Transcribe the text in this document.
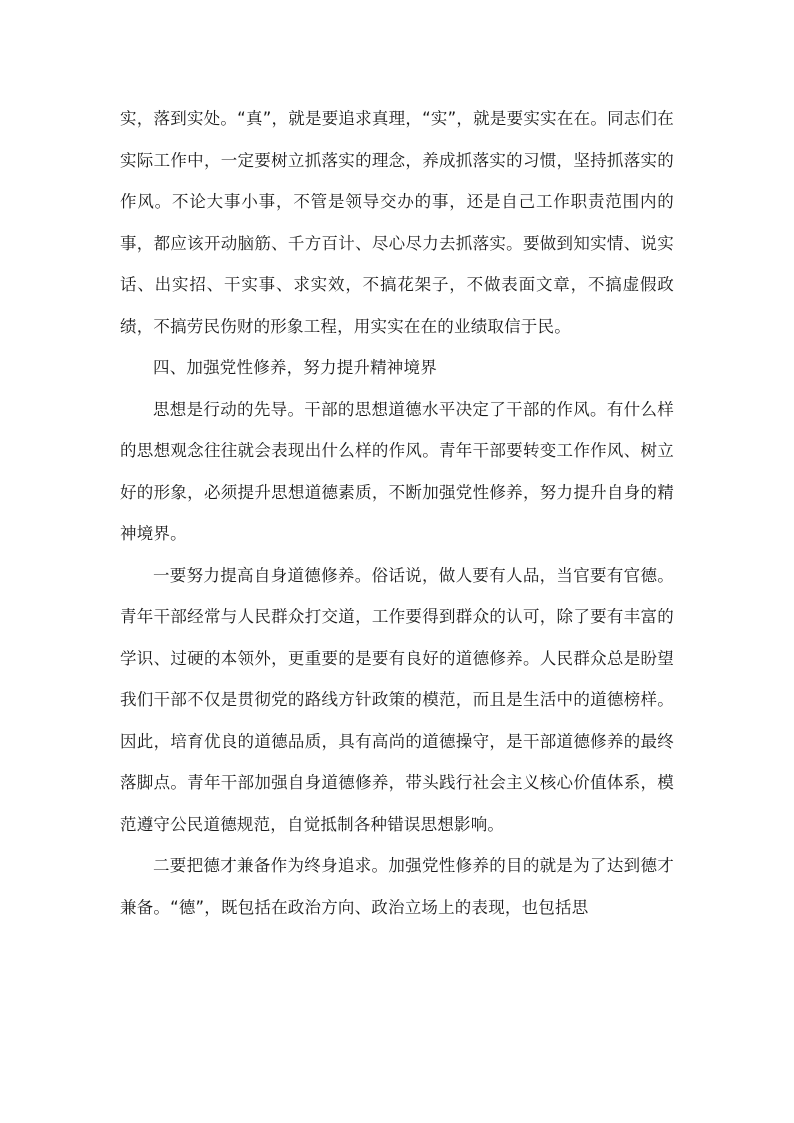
实，落到实处。“真”，就是要追求真理，“实”，就是要实实在在。同志们在实际工作中，一定要树立抓落实的理念，养成抓落实的习惯，坚持抓落实的作风。不论大事小事，不管是领导交办的事，还是自己工作职责范围内的事，都应该开动脑筋、千方百计、尽心尽力去抓落实。要做到知实情、说实话、出实招、干实事、求实效，不搞花架子，不做表面文章，不搞虚假政绩，不搞劳民伤财的形象工程，用实实在在的业绩取信于民。

四、加强党性修养，努力提升精神境界

思想是行动的先导。干部的思想道德水平决定了干部的作风。有什么样的思想观念往往就会表现出什么样的作风。青年干部要转变工作作风、树立好的形象，必须提升思想道德素质，不断加强党性修养，努力提升自身的精神境界。

一要努力提高自身道德修养。俗话说，做人要有人品，当官要有官德。青年干部经常与人民群众打交道，工作要得到群众的认可，除了要有丰富的学识、过硬的本领外，更重要的是要有良好的道德修养。人民群众总是盼望我们干部不仅是贯彻党的路线方针政策的模范，而且是生活中的道德榜样。因此，培育优良的道德品质，具有高尚的道德操守，是干部道德修养的最终落脚点。青年干部加强自身道德修养，带头践行社会主义核心价值体系，模范遵守公民道德规范，自觉抵制各种错误思想影响。

二要把德才兼备作为终身追求。加强党性修养的目的就是为了达到德才兼备。“德”，既包括在政治方向、政治立场上的表现，也包括思
